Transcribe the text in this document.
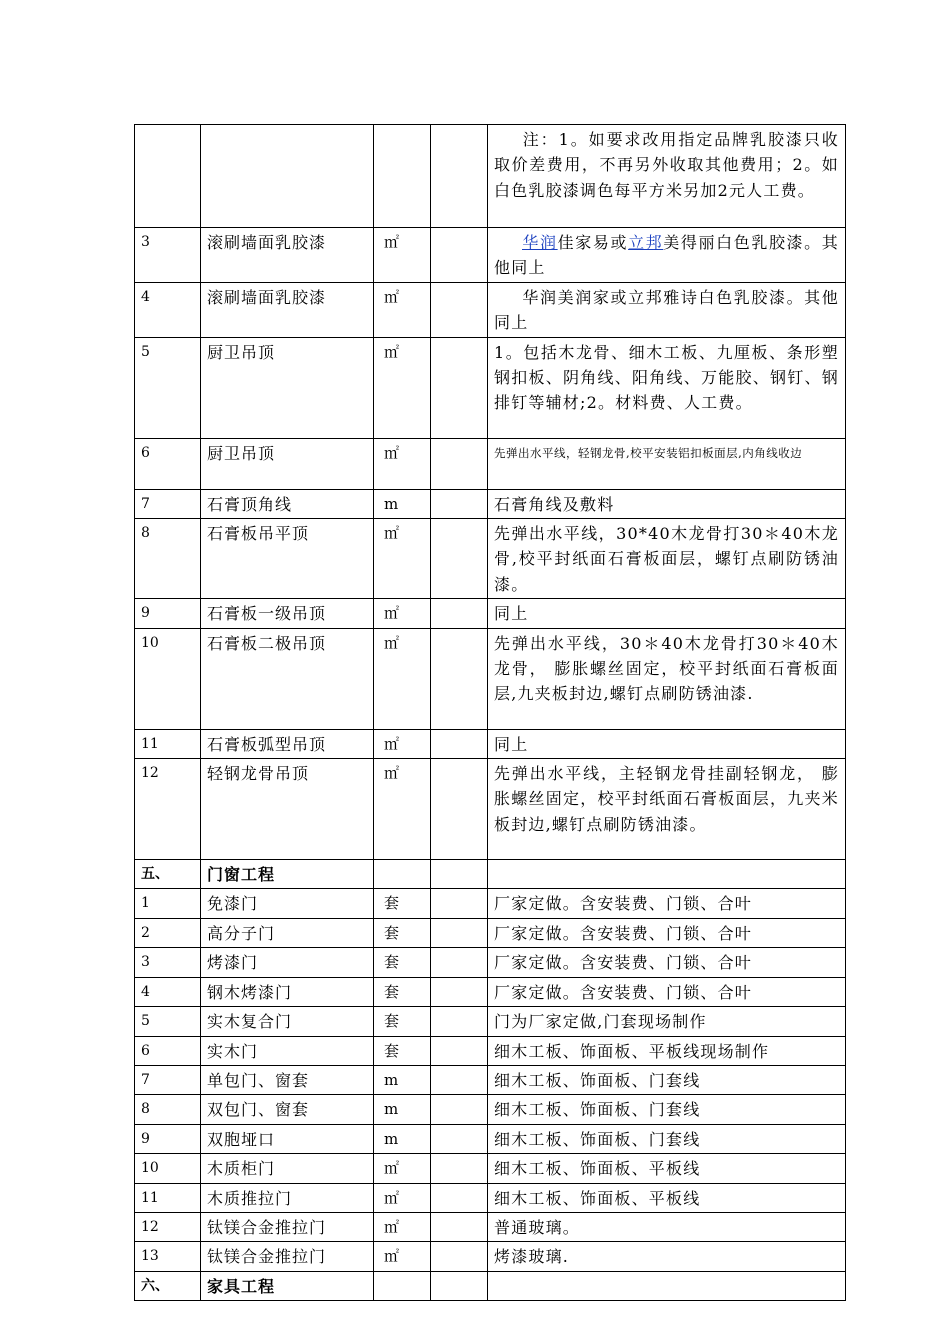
				注：1。如要求改用指定品牌乳胶漆只收取价差费用，不再另外收取其他费用；2。如白色乳胶漆调色每平方米另加2元人工费。
3	滚刷墙面乳胶漆	㎡		华润佳家易或立邦美得丽白色乳胶漆。其他同上
4	滚刷墙面乳胶漆	㎡		华润美润家或立邦雅诗白色乳胶漆。其他同上
5	厨卫吊顶	㎡		1。包括木龙骨、细木工板、九厘板、条形塑钢扣板、阴角线、阳角线、万能胶、钢钉、钢排钉等辅材;2。材料费、人工费。
6	厨卫吊顶	㎡		先弹出水平线，轻钢龙骨,校平安装铝扣板面层,内角线收边
7	石膏顶角线	m		石膏角线及敷料
8	石膏板吊平顶	㎡		先弹出水平线，30*40木龙骨打30＊40木龙骨,校平封纸面石膏板面层，螺钉点刷防锈油漆。
9	石膏板一级吊顶	㎡		同上
10	石膏板二极吊顶	㎡		先弹出水平线，30＊40木龙骨打30＊40木龙骨， 膨胀螺丝固定，校平封纸面石膏板面层,九夹板封边,螺钉点刷防锈油漆.
11	石膏板弧型吊顶	㎡		同上
12	轻钢龙骨吊顶	㎡		先弹出水平线，主轻钢龙骨挂副轻钢龙， 膨胀螺丝固定，校平封纸面石膏板面层，九夹米板封边,螺钉点刷防锈油漆。
五、	门窗工程			
1	免漆门	套		厂家定做。含安装费、门锁、合叶
2	高分子门	套		厂家定做。含安装费、门锁、合叶
3	烤漆门	套		厂家定做。含安装费、门锁、合叶
4	钢木烤漆门	套		厂家定做。含安装费、门锁、合叶
5	实木复合门	套		门为厂家定做,门套现场制作
6	实木门	套		细木工板、饰面板、平板线现场制作
7	单包门、窗套	m		细木工板、饰面板、门套线
8	双包门、窗套	m		细木工板、饰面板、门套线
9	双胞垭口	m		细木工板、饰面板、门套线
10	木质柜门	㎡		细木工板、饰面板、平板线
11	木质推拉门	㎡		细木工板、饰面板、平板线
12	钛镁合金推拉门	㎡		普通玻璃。
13	钛镁合金推拉门	㎡		烤漆玻璃.
六、	家具工程			
